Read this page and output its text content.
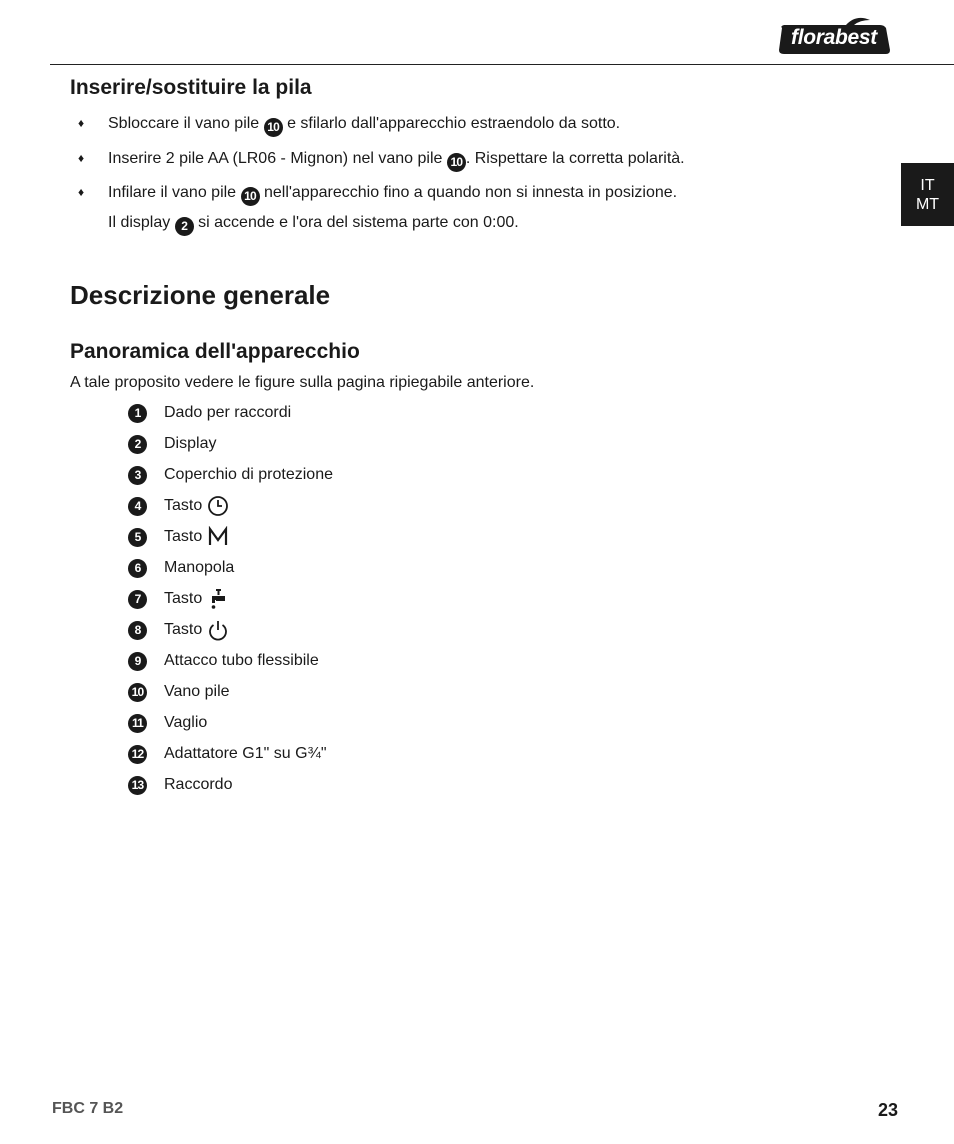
florabest
IT
MT
Inserire/sostituire la pila
♦ Sbloccare il vano pile 10 e sfilarlo dall'apparecchio estraendolo da sotto.
♦ Inserire 2 pile AA (LR06 - Mignon) nel vano pile 10 . Rispettare la corretta polarità.
♦ Infilare il vano pile 10 nell'apparecchio fino a quando non si innesta in posizione.
Il display 2 si accende e l'ora del sistema parte con 0:00.
Descrizione generale
Panoramica dell'apparecchio
A tale proposito vedere le figure sulla pagina ripiegabile anteriore.
1	Dado per raccordi
2	Display
3	Coperchio di protezione
4	Tasto
5	Tasto
6	Manopola
7	Tasto
8	Tasto
9	Attacco tubo flessibile
10 Vano pile
11 Vaglio
12 Adattatore G1" su G¾"
13 Raccordo
FBC 7 B2	23
